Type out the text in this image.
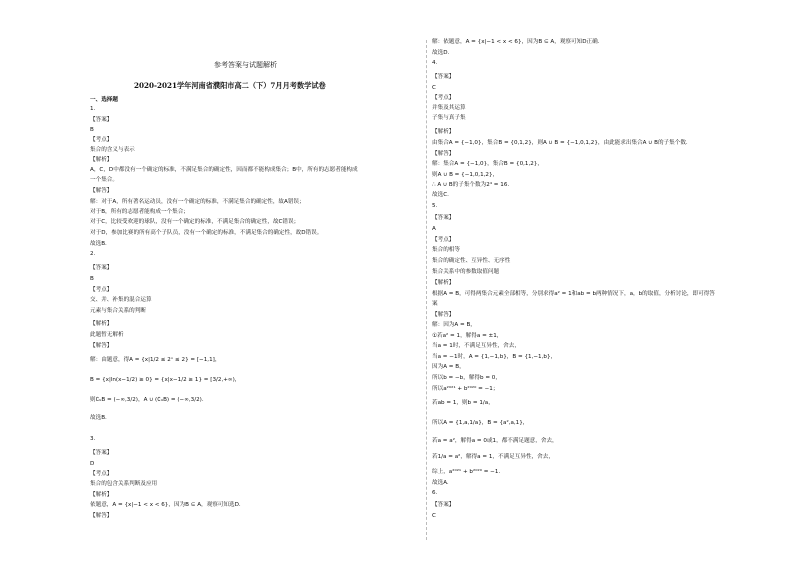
参考答案与试题解析
2020-2021学年河南省濮阳市高二（下）7月月考数学试卷
一、选择题
1.
【答案】
B
【考点】
集合的含义与表示
【解析】
A，C，D中都没有一个确定的标准，不满足集合的确定性，因而都不能构成集合；B中，所有的志愿者能构成
一个集合。
【解答】
解：对于A，所有著名运动员，没有一个确定的标准，不满足集合的确定性，故A错误；
对于B，所有的志愿者能构成一个集合；
对于C，比较受欢迎的球队，没有一个确定的标准，不满足集合的确定性，故C错误；
对于D，参加比赛的所有高个子队员，没有一个确定的标准，不满足集合的确定性，故D错误。
故选B.
2.
【答案】
B
【考点】
交、并、补集的混合运算
元素与集合关系的判断
【解析】
此题暂无解析
【解答】
解：由题意，得A = {x|1/2 ≤ 2ˣ ≤ 2} = [−1,1]，
B = {x|ln(x−1/2) ≥ 0} = {x|x−1/2 ≥ 1} = [3/2,+∞)，
则∁ᵤB = (−∞,3/2)，A ∪ (∁ᵤB) = (−∞,3/2).
故选B.
3.
【答案】
D
【考点】
集合的包含关系判断及应用
【解析】
依题意，A = {x|−1 < x < 6}，因为B ⊆ A，观察可知选D.
【解答】
解：依题意，A = {x|−1 < x < 6}，因为B ⊆ A，观察可知D正确.
故选D.
4.
【答案】
C
【考点】
并集及其运算
子集与真子集
【解析】
由集合A = {−1,0}，集合B = {0,1,2}，则A ∪ B = {−1,0,1,2}，由此能求出集合A ∪ B的子集个数.
【解答】
解：集合A = {−1,0}，集合B = {0,1,2}，
则A ∪ B = {−1,0,1,2}，
∴ A ∪ B的子集个数为2⁴ = 16.
故选C.
5.
【答案】
A
【考点】
集合的相等
集合的确定性、互异性、无序性
集合关系中的参数取值问题
【解析】
根据A = B，可得两集合元素全部相等，分别求得a² = 1和ab = b两种情况下，a，b的取值，分析讨论，即可得答
案
【解答】
解：因为A = B，
①若a² = 1，解得a = ±1，
当a = 1时，不满足互异性，舍去，
当a = −1时，A = {1,−1,b}，B = {1,−1,b}，
因为A = B，
所以b = −b，解得b = 0，
所以a²⁰²¹ + b²⁰²⁰ = −1；
若ab = 1，则b = 1/a，
所以A = {1,a,1/a}，B = {a²,a,1}，
若a = a²，解得a = 0或1，都不满足题意，舍去，
若1/a = a²，解得a = 1，不满足互异性，舍去，
综上，a²⁰²¹ + b²⁰²⁰ = −1.
故选A.
6.
【答案】
C
